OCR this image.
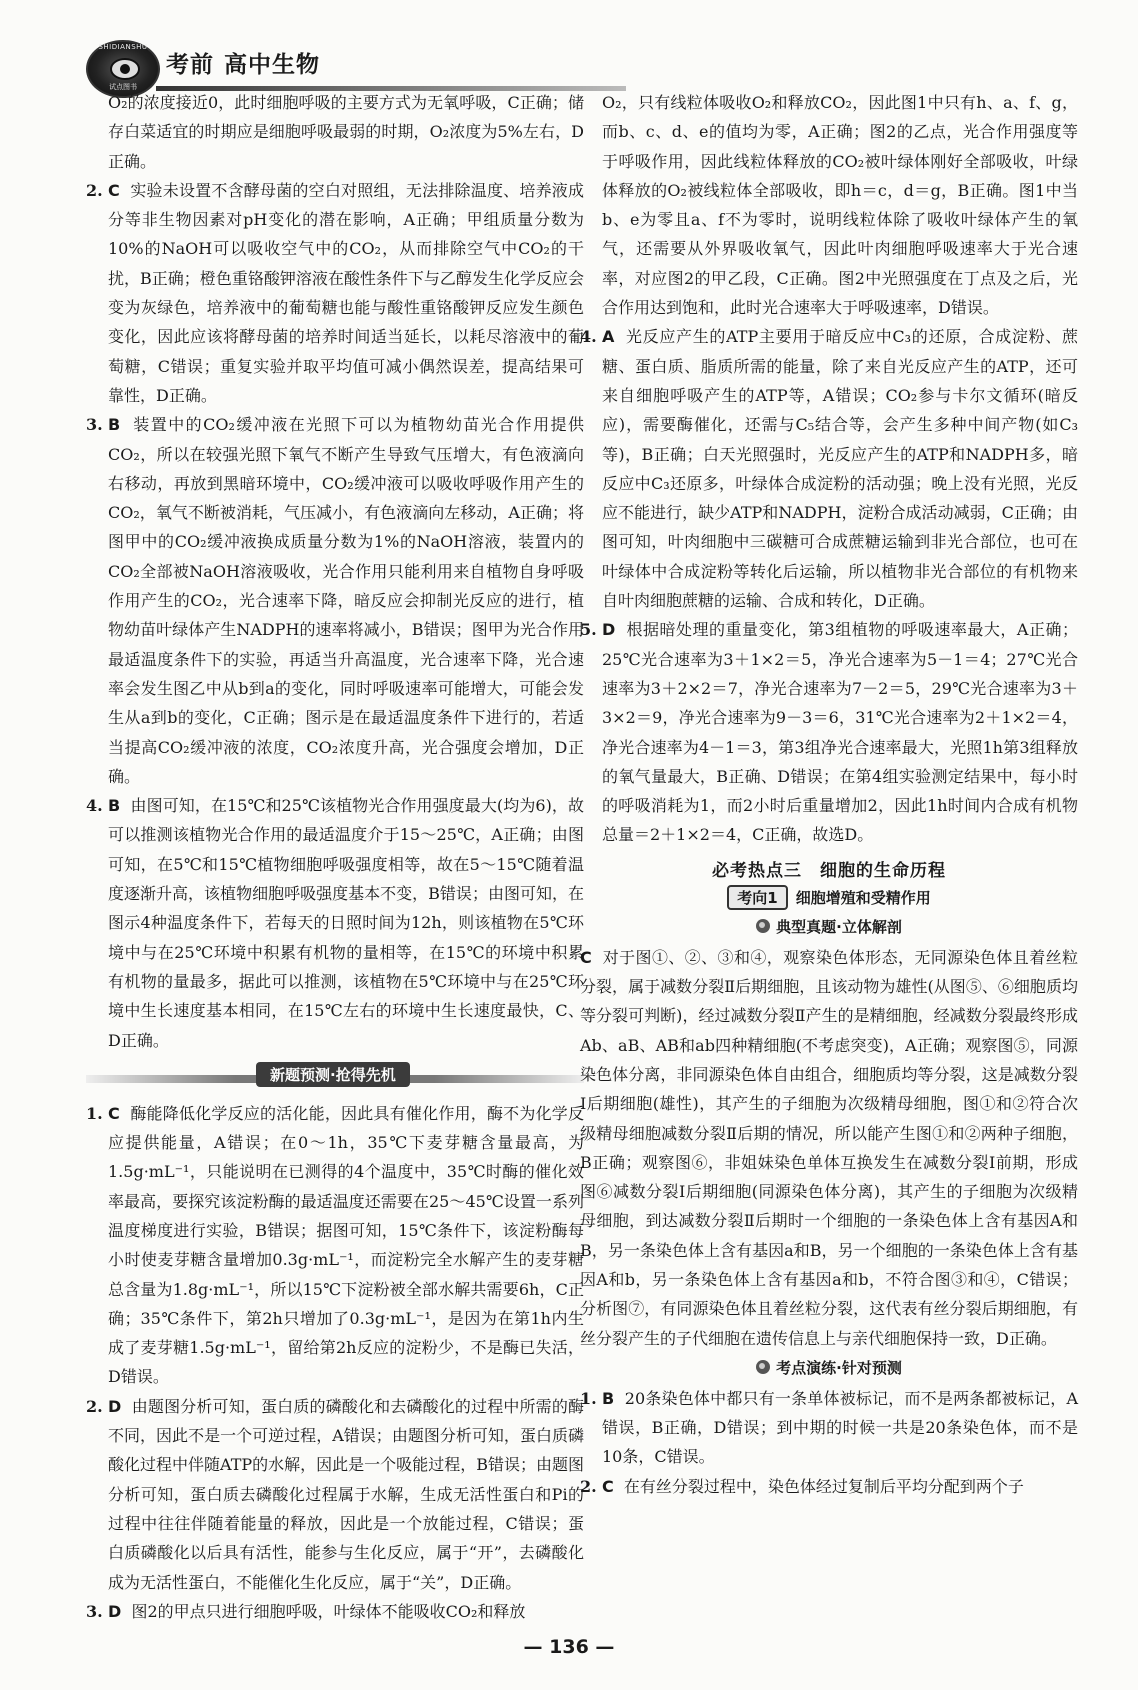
SHIDIANSHU
试点图书
考前 高中生物

O₂的浓度接近0，此时细胞呼吸的主要方式为无氧呼吸，C正确；储存白菜适宜的时期应是细胞呼吸最弱的时期，O₂浓度为5%左右，D正确。

2. C 实验未设置不含酵母菌的空白对照组，无法排除温度、培养液成分等非生物因素对pH变化的潜在影响，A正确；甲组质量分数为10%的NaOH可以吸收空气中的CO₂，从而排除空气中CO₂的干扰，B正确；橙色重铬酸钾溶液在酸性条件下与乙醇发生化学反应会变为灰绿色，培养液中的葡萄糖也能与酸性重铬酸钾反应发生颜色变化，因此应该将酵母菌的培养时间适当延长，以耗尽溶液中的葡萄糖，C错误；重复实验并取平均值可减小偶然误差，提高结果可靠性，D正确。
3. B 装置中的CO₂缓冲液在光照下可以为植物幼苗光合作用提供CO₂，所以在较强光照下氧气不断产生导致气压增大，有色液滴向右移动，再放到黑暗环境中，CO₂缓冲液可以吸收呼吸作用产生的CO₂，氧气不断被消耗，气压减小，有色液滴向左移动，A正确；将图甲中的CO₂缓冲液换成质量分数为1%的NaOH溶液，装置内的CO₂全部被NaOH溶液吸收，光合作用只能利用来自植物自身呼吸作用产生的CO₂，光合速率下降，暗反应会抑制光反应的进行，植物幼苗叶绿体产生NADPH的速率将减小，B错误；图甲为光合作用最适温度条件下的实验，再适当升高温度，光合速率下降，光合速率会发生图乙中从b到a的变化，同时呼吸速率可能增大，可能会发生从a到b的变化，C正确；图示是在最适温度条件下进行的，若适当提高CO₂缓冲液的浓度，CO₂浓度升高，光合强度会增加，D正确。
4. B 由图可知，在15℃和25℃该植物光合作用强度最大(均为6)，故可以推测该植物光合作用的最适温度介于15～25℃，A正确；由图可知，在5℃和15℃植物细胞呼吸强度相等，故在5～15℃随着温度逐渐升高，该植物细胞呼吸强度基本不变，B错误；由图可知，在图示4种温度条件下，若每天的日照时间为12h，则该植物在5℃环境中与在25℃环境中积累有机物的量相等，在15℃的环境中积累有机物的量最多，据此可以推测，该植物在5℃环境中与在25℃环境中生长速度基本相同，在15℃左右的环境中生长速度最快，C、D正确。
新题预测·抢得先机
1. C 酶能降低化学反应的活化能，因此具有催化作用，酶不为化学反应提供能量，A错误；在0～1h，35℃下麦芽糖含量最高，为1.5g·mL⁻¹，只能说明在已测得的4个温度中，35℃时酶的催化效率最高，要探究该淀粉酶的最适温度还需要在25～45℃设置一系列温度梯度进行实验，B错误；据图可知，15℃条件下，该淀粉酶每小时使麦芽糖含量增加0.3g·mL⁻¹，而淀粉完全水解产生的麦芽糖总含量为1.8g·mL⁻¹，所以15℃下淀粉被全部水解共需要6h，C正确；35℃条件下，第2h只增加了0.3g·mL⁻¹，是因为在第1h内生成了麦芽糖1.5g·mL⁻¹，留给第2h反应的淀粉少，不是酶已失活，D错误。
2. D 由题图分析可知，蛋白质的磷酸化和去磷酸化的过程中所需的酶不同，因此不是一个可逆过程，A错误；由题图分析可知，蛋白质磷酸化过程中伴随ATP的水解，因此是一个吸能过程，B错误；由题图分析可知，蛋白质去磷酸化过程属于水解，生成无活性蛋白和Pi的过程中往往伴随着能量的释放，因此是一个放能过程，C错误；蛋白质磷酸化以后具有活性，能参与生化反应，属于“开”，去磷酸化成为无活性蛋白，不能催化生化反应，属于“关”，D正确。
3. D 图2的甲点只进行细胞呼吸，叶绿体不能吸收CO₂和释放

O₂，只有线粒体吸收O₂和释放CO₂，因此图1中只有h、a、f、g，而b、c、d、e的值均为零，A正确；图2的乙点，光合作用强度等于呼吸作用，因此线粒体释放的CO₂被叶绿体刚好全部吸收，叶绿体释放的O₂被线粒体全部吸收，即h＝c，d＝g，B正确。图1中当b、e为零且a、f不为零时，说明线粒体除了吸收叶绿体产生的氧气，还需要从外界吸收氧气，因此叶肉细胞呼吸速率大于光合速率，对应图2的甲乙段，C正确。图2中光照强度在丁点及之后，光合作用达到饱和，此时光合速率大于呼吸速率，D错误。

4. A 光反应产生的ATP主要用于暗反应中C₃的还原，合成淀粉、蔗糖、蛋白质、脂质所需的能量，除了来自光反应产生的ATP，还可来自细胞呼吸产生的ATP等，A错误；CO₂参与卡尔文循环(暗反应)，需要酶催化，还需与C₅结合等，会产生多种中间产物(如C₃等)，B正确；白天光照强时，光反应产生的ATP和NADPH多，暗反应中C₃还原多，叶绿体合成淀粉的活动强；晚上没有光照，光反应不能进行，缺少ATP和NADPH，淀粉合成活动减弱，C正确；由图可知，叶肉细胞中三碳糖可合成蔗糖运输到非光合部位，也可在叶绿体中合成淀粉等转化后运输，所以植物非光合部位的有机物来自叶肉细胞蔗糖的运输、合成和转化，D正确。
5. D 根据暗处理的重量变化，第3组植物的呼吸速率最大，A正确；25℃光合速率为3＋1×2＝5，净光合速率为5－1＝4；27℃光合速率为3＋2×2＝7，净光合速率为7－2＝5，29℃光合速率为3＋3×2＝9，净光合速率为9－3＝6，31℃光合速率为2＋1×2＝4，净光合速率为4－1＝3，第3组净光合速率最大，光照1h第3组释放的氧气量最大，B正确、D错误；在第4组实验测定结果中，每小时的呼吸消耗为1，而2小时后重量增加2，因此1h时间内合成有机物总量＝2＋1×2＝4，C正确，故选D。
必考热点三 细胞的生命历程
考向1	细胞增殖和受精作用
典型真题·立体解剖

C 对于图①、②、③和④，观察染色体形态，无同源染色体且着丝粒分裂，属于减数分裂Ⅱ后期细胞，且该动物为雄性(从图⑤、⑥细胞质均等分裂可判断)，经过减数分裂Ⅱ产生的是精细胞，经减数分裂最终形成Ab、aB、AB和ab四种精细胞(不考虑突变)，A正确；观察图⑤，同源染色体分离，非同源染色体自由组合，细胞质均等分裂，这是减数分裂Ⅰ后期细胞(雄性)，其产生的子细胞为次级精母细胞，图①和②符合次级精母细胞减数分裂Ⅱ后期的情况，所以能产生图①和②两种子细胞，B正确；观察图⑥，非姐妹染色单体互换发生在减数分裂Ⅰ前期，形成图⑥减数分裂Ⅰ后期细胞(同源染色体分离)，其产生的子细胞为次级精母细胞，到达减数分裂Ⅱ后期时一个细胞的一条染色体上含有基因A和B，另一条染色体上含有基因a和B，另一个细胞的一条染色体上含有基因A和b，另一条染色体上含有基因a和b，不符合图③和④，C错误；分析图⑦，有同源染色体且着丝粒分裂，这代表有丝分裂后期细胞，有丝分裂产生的子代细胞在遗传信息上与亲代细胞保持一致，D正确。

考点演练·针对预测
1. B 20条染色体中都只有一条单体被标记，而不是两条都被标记，A错误，B正确，D错误；到中期的时候一共是20条染色体，而不是10条，C错误。
2. C 在有丝分裂过程中，染色体经过复制后平均分配到两个子
— 136 —
